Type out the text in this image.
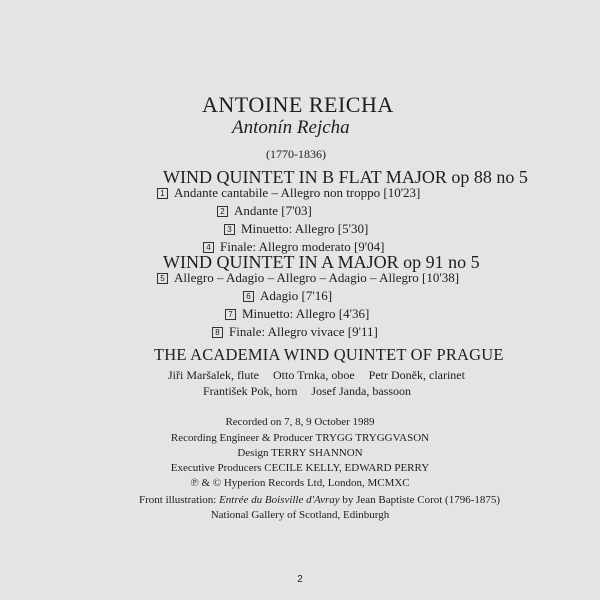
ANTOINE REICHA
Antonín Rejcha
(1770-1836)
WIND QUINTET IN B FLAT MAJOR op 88 no 5
1 Andante cantabile – Allegro non troppo [10'23]
2 Andante [7'03]
3 Minuetto: Allegro [5'30]
4 Finale: Allegro moderato [9'04]
WIND QUINTET IN A MAJOR op 91 no 5
5 Allegro – Adagio – Allegro – Adagio – Allegro [10'38]
6 Adagio [7'16]
7 Minuetto: Allegro [4'36]
8 Finale: Allegro vivace [9'11]
THE ACADEMIA WIND QUINTET OF PRAGUE
Jiři Maršalek, flute Otto Trnka, oboe Petr Doněk, clarinet
František Pok, horn Josef Janda, bassoon
Recorded on 7, 8, 9 October 1989
Recording Engineer & Producer TRYGG TRYGGVASON
Design TERRY SHANNON
Executive Producers CECILE KELLY, EDWARD PERRY
℗ & © Hyperion Records Ltd, London, MCMXC
Front illustration: Entrée du Boisville d'Avray by Jean Baptiste Corot (1796-1875)
National Gallery of Scotland, Edinburgh
2
